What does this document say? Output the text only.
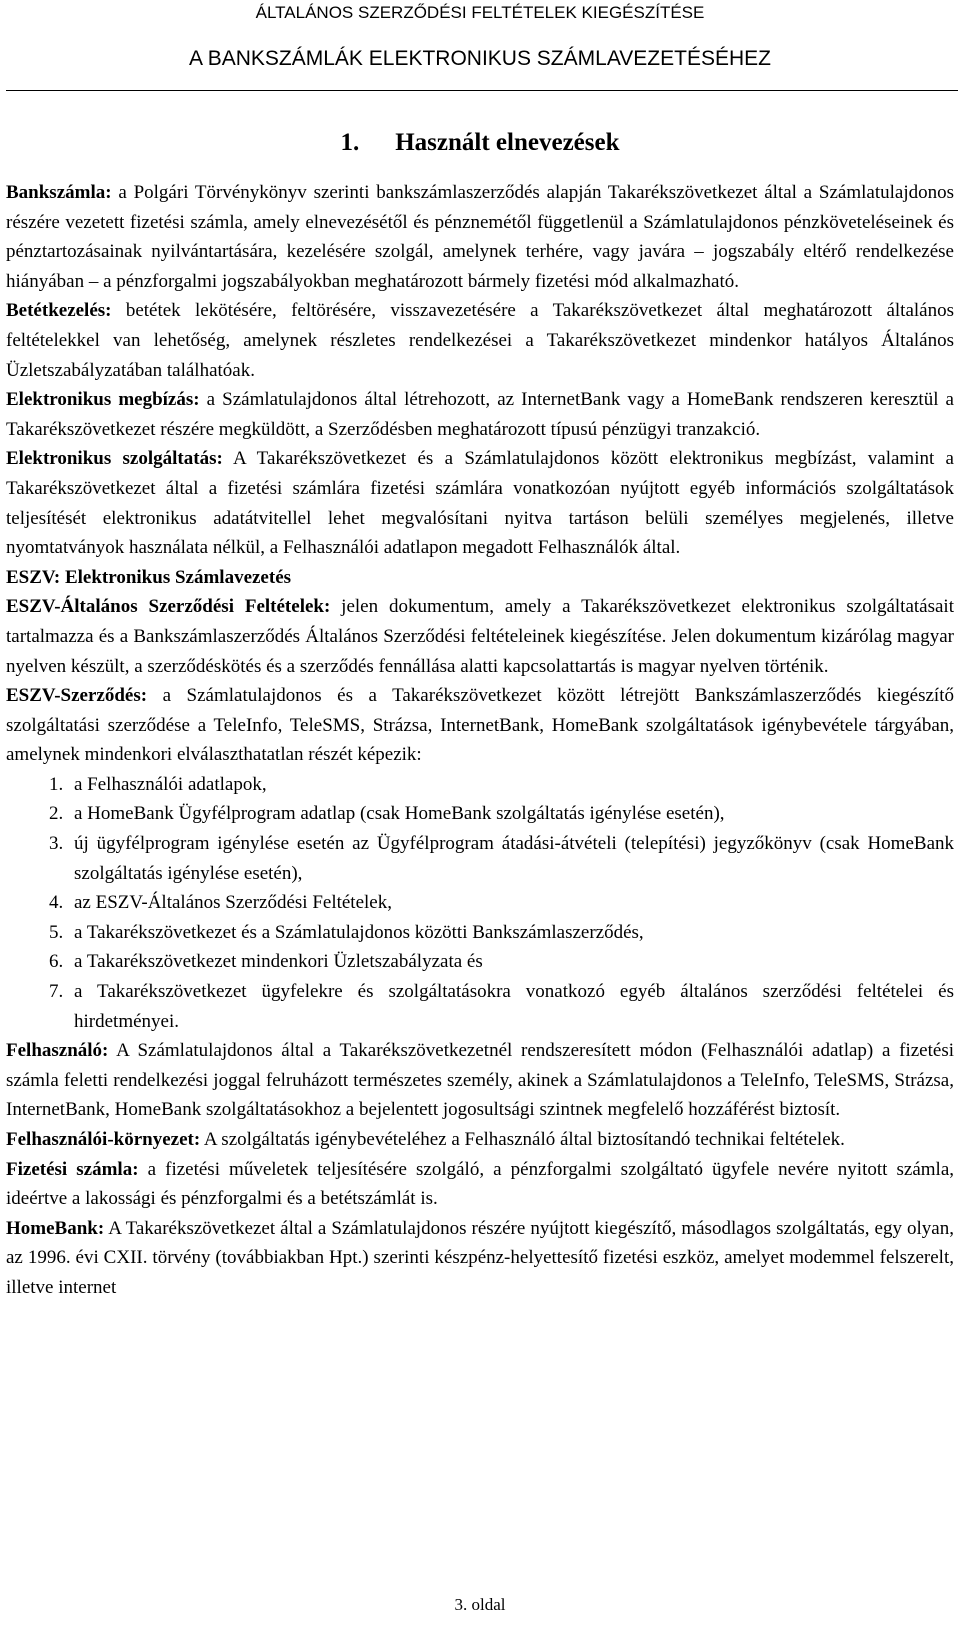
ÁLTALÁNOS SZERZŐDÉSI FELTÉTELEK KIEGÉSZÍTÉSE
A BANKSZÁMLÁK ELEKTRONIKUS SZÁMLAVEZETÉSÉHEZ
1. Használt elnevezések

Bankszámla: a Polgári Törvénykönyv szerinti bankszámlaszerződés alapján Takarékszövetkezet által a Számlatulajdonos részére vezetett fizetési számla, amely elnevezésétől és pénznemétől függetlenül a Számlatulajdonos pénzköveteléseinek és pénztartozásainak nyilvántartására, kezelésére szolgál, amelynek terhére, vagy javára – jogszabály eltérő rendelkezése hiányában – a pénzforgalmi jogszabályokban meghatározott bármely fizetési mód alkalmazható.

Betétkezelés: betétek lekötésére, feltörésére, visszavezetésére a Takarékszövetkezet által meghatározott általános feltételekkel van lehetőség, amelynek részletes rendelkezései a Takarékszövetkezet mindenkor hatályos Általános Üzletszabályzatában találhatóak.

Elektronikus megbízás: a Számlatulajdonos által létrehozott, az InternetBank vagy a HomeBank rendszeren keresztül a Takarékszövetkezet részére megküldött, a Szerződésben meghatározott típusú pénzügyi tranzakció.

Elektronikus szolgáltatás: A Takarékszövetkezet és a Számlatulajdonos között elektronikus megbízást, valamint a Takarékszövetkezet által a fizetési számlára fizetési számlára vonatkozóan nyújtott egyéb információs szolgáltatások teljesítését elektronikus adatátvitellel lehet megvalósítani nyitva tartáson belüli személyes megjelenés, illetve nyomtatványok használata nélkül, a Felhasználói adatlapon megadott Felhasználók által.

ESZV: Elektronikus Számlavezetés

ESZV-Általános Szerződési Feltételek: jelen dokumentum, amely a Takarékszövetkezet elektronikus szolgáltatásait tartalmazza és a Bankszámlaszerződés Általános Szerződési feltételeinek kiegészítése. Jelen dokumentum kizárólag magyar nyelven készült, a szerződéskötés és a szerződés fennállása alatti kapcsolattartás is magyar nyelven történik.

ESZV-Szerződés: a Számlatulajdonos és a Takarékszövetkezet között létrejött Bankszámlaszerződés kiegészítő szolgáltatási szerződése a TeleInfo, TeleSMS, Strázsa, InternetBank, HomeBank szolgáltatások igénybevétele tárgyában, amelynek mindenkori elválaszthatatlan részét képezik:

1. a Felhasználói adatlapok,
2. a HomeBank Ügyfélprogram adatlap (csak HomeBank szolgáltatás igénylése esetén),
3. új ügyfélprogram igénylése esetén az Ügyfélprogram átadási-átvételi (telepítési) jegyzőkönyv (csak HomeBank szolgáltatás igénylése esetén),
4. az ESZV-Általános Szerződési Feltételek,
5. a Takarékszövetkezet és a Számlatulajdonos közötti Bankszámlaszerződés,
6. a Takarékszövetkezet mindenkori Üzletszabályzata és
7. a Takarékszövetkezet ügyfelekre és szolgáltatásokra vonatkozó egyéb általános szerződési feltételei és hirdetményei.

Felhasználó: A Számlatulajdonos által a Takarékszövetkezetnél rendszeresített módon (Felhasználói adatlap) a fizetési számla feletti rendelkezési joggal felruházott természetes személy, akinek a Számlatulajdonos a TeleInfo, TeleSMS, Strázsa, InternetBank, HomeBank szolgáltatásokhoz a bejelentett jogosultsági szintnek megfelelő hozzáférést biztosít.

Felhasználói-környezet: A szolgáltatás igénybevételéhez a Felhasználó által biztosítandó technikai feltételek.

Fizetési számla: a fizetési műveletek teljesítésére szolgáló, a pénzforgalmi szolgáltató ügyfele nevére nyitott számla, ideértve a lakossági és pénzforgalmi és a betétszámlát is.

HomeBank: A Takarékszövetkezet által a Számlatulajdonos részére nyújtott kiegészítő, másodlagos szolgáltatás, egy olyan, az 1996. évi CXII. törvény (továbbiakban Hpt.) szerinti készpénz-helyettesítő fizetési eszköz, amelyet modemmel felszerelt, illetve internet

3. oldal
